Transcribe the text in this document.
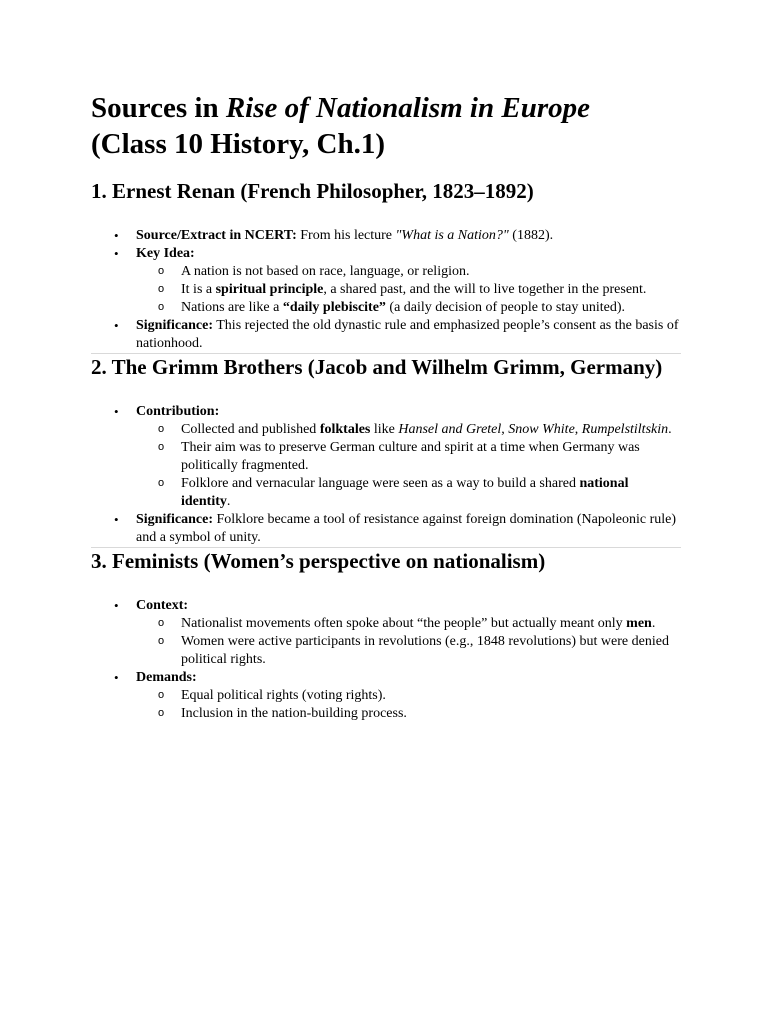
Sources in Rise of Nationalism in Europe
(Class 10 History, Ch.1)
1. Ernest Renan (French Philosopher, 1823–1892)
• Source/Extract in NCERT: From his lecture "What is a Nation?" (1882).
• Key Idea:
o A nation is not based on race, language, or religion.
o It is a spiritual principle, a shared past, and the will to live together in the present.
o Nations are like a “daily plebiscite” (a daily decision of people to stay united).
• Significance: This rejected the old dynastic rule and emphasized people’s consent as the basis of nationhood.
2. The Grimm Brothers (Jacob and Wilhelm Grimm, Germany)
• Contribution:
o Collected and published folktales like Hansel and Gretel, Snow White, Rumpelstiltskin.
o Their aim was to preserve German culture and spirit at a time when Germany was politically fragmented.
o Folklore and vernacular language were seen as a way to build a shared national identity.
• Significance: Folklore became a tool of resistance against foreign domination (Napoleonic rule) and a symbol of unity.
3. Feminists (Women’s perspective on nationalism)
• Context:
o Nationalist movements often spoke about “the people” but actually meant only men.
o Women were active participants in revolutions (e.g., 1848 revolutions) but were denied political rights.
• Demands:
o Equal political rights (voting rights).
o Inclusion in the nation-building process.
